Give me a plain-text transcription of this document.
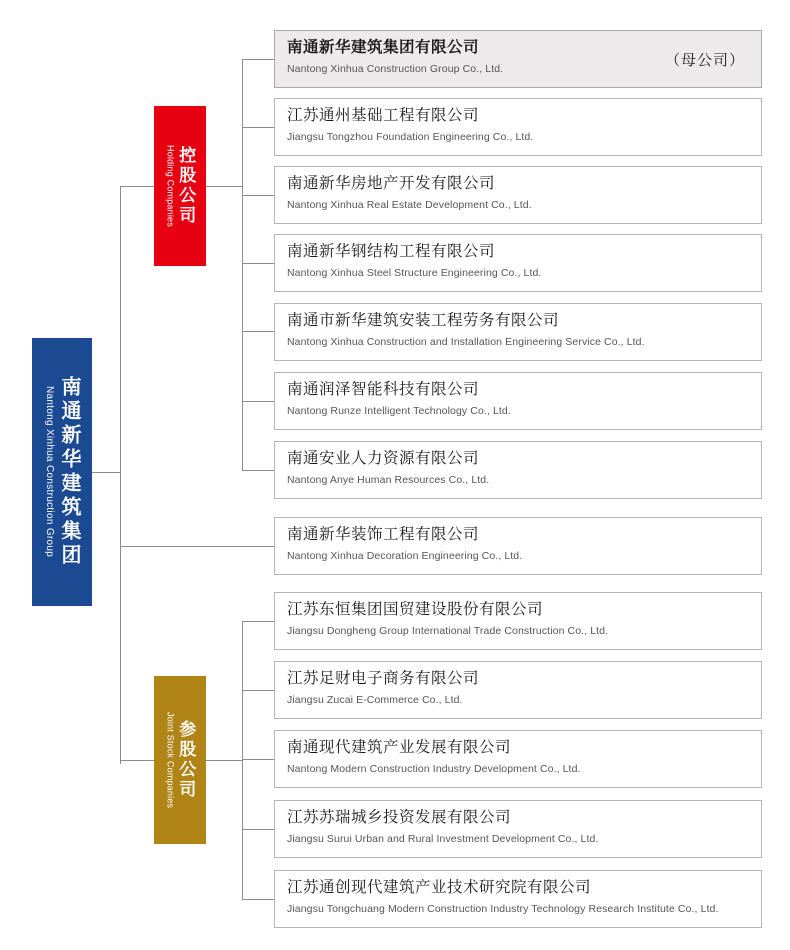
南通新华建筑集团
Nantong Xinhua Construction Group
控股公司
Holding Companies
参股公司
Joint Stock Companies
南通新华建筑集团有限公司
Nantong Xinhua Construction Group Co., Ltd.	（母公司）
江苏通州基础工程有限公司
Jiangsu Tongzhou Foundation Engineering Co., Ltd.
南通新华房地产开发有限公司
Nantong Xinhua Real Estate Development Co., Ltd.
南通新华钢结构工程有限公司
Nantong Xinhua Steel Structure Engineering Co., Ltd.
南通市新华建筑安装工程劳务有限公司
Nantong Xinhua Construction and Installation Engineering Service Co., Ltd.
南通润泽智能科技有限公司
Nantong Runze Intelligent Technology Co., Ltd.
南通安业人力资源有限公司
Nantong Anye Human Resources Co., Ltd.
南通新华装饰工程有限公司
Nantong Xinhua Decoration Engineering Co., Ltd.
江苏东恒集团国贸建设股份有限公司
Jiangsu Dongheng Group International Trade Construction Co., Ltd.
江苏足财电子商务有限公司
Jiangsu Zucai E-Commerce Co., Ltd.
南通现代建筑产业发展有限公司
Nantong Modern Construction Industry Development Co., Ltd.
江苏苏瑞城乡投资发展有限公司
Jiangsu Surui Urban and Rural Investment Development Co., Ltd.
江苏通创现代建筑产业技术研究院有限公司
Jiangsu Tongchuang Modern Construction Industry Technology Research Institute Co., Ltd.
